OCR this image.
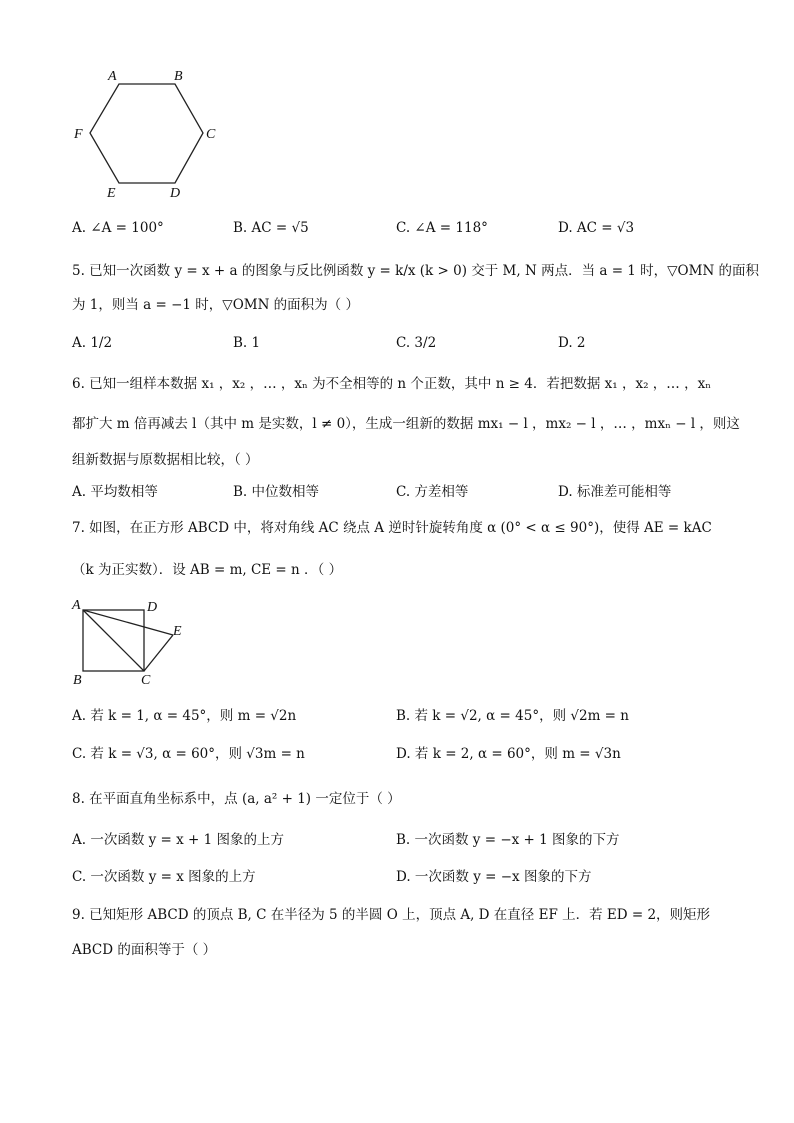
A	B
C
D
E
F
A. ∠A = 100°	B. AC = √5	C. ∠A = 118°	D. AC = √3
5. 已知一次函数 y = x + a 的图象与反比例函数 y = k/x (k > 0) 交于 M, N 两点．当 a = 1 时，▽OMN 的面积
为 1，则当 a = −1 时，▽OMN 的面积为（ ）
A. 1/2	B. 1	C. 3/2	D. 2
6. 已知一组样本数据 x₁ ，x₂ ，… ，xₙ 为不全相等的 n 个正数，其中 n ≥ 4．若把数据 x₁ ，x₂ ，… ，xₙ
都扩大 m 倍再减去 l（其中 m 是实数，l ≠ 0），生成一组新的数据 mx₁ − l ，mx₂ − l ，… ，mxₙ − l ，则这
组新数据与原数据相比较，（ ）
A. 平均数相等	B. 中位数相等	C. 方差相等	D. 标准差可能相等
7. 如图，在正方形 ABCD 中，将对角线 AC 绕点 A 逆时针旋转角度 α (0° < α ≤ 90°)，使得 AE = kAC
（k 为正实数）．设 AB = m, CE = n ．（ ）
A	D
E
B	C
A. 若 k = 1, α = 45°，则 m = √2n	B. 若 k = √2, α = 45°，则 √2m = n
C. 若 k = √3, α = 60°，则 √3m = n	D. 若 k = 2, α = 60°，则 m = √3n
8. 在平面直角坐标系中，点 (a, a² + 1) 一定位于（ ）
A. 一次函数 y = x + 1 图象的上方	B. 一次函数 y = −x + 1 图象的下方
C. 一次函数 y = x 图象的上方	D. 一次函数 y = −x 图象的下方
9. 已知矩形 ABCD 的顶点 B, C 在半径为 5 的半圆 O 上，顶点 A, D 在直径 EF 上．若 ED = 2，则矩形
ABCD 的面积等于（ ）
